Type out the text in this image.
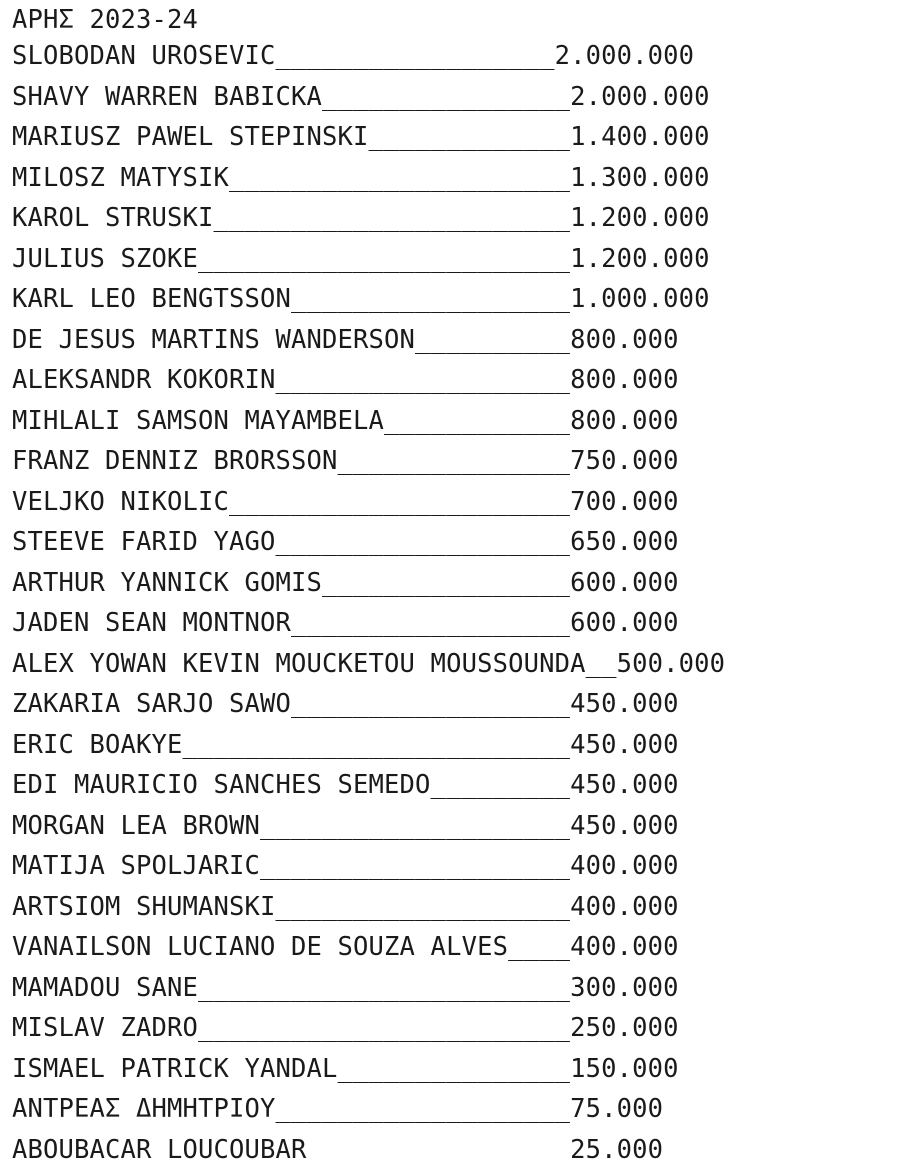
ΑΡΗΣ 2023-24
SLOBODAN UROSEVIC__________________2.000.000
SHAVY WARREN BABICKA________________2.000.000
MARIUSZ PAWEL STEPINSKI_____________1.400.000
MILOSZ MATYSIK______________________1.300.000
KAROL STRUSKI_______________________1.200.000
JULIUS SZOKE________________________1.200.000
KARL LEO BENGTSSON__________________1.000.000
DE JESUS MARTINS WANDERSON__________800.000
ALEKSANDR KOKORIN___________________800.000
MIHLALI SAMSON MAYAMBELA____________800.000
FRANZ DENNIZ BRORSSON_______________750.000
VELJKO NIKOLIC______________________700.000
STEEVE FARID YAGO___________________650.000
ARTHUR YANNICK GOMIS________________600.000
JADEN SEAN MONTNOR__________________600.000
ALEX YOWAN KEVIN MOUCKETOU MOUSSOUNDA__500.000
ZAKARIA SARJO SAWO__________________450.000
ERIC BOAKYE_________________________450.000
EDI MAURICIO SANCHES SEMEDO_________450.000
MORGAN LEA BROWN____________________450.000
MATIJA SPOLJARIC____________________400.000
ARTSIOM SHUMANSKI___________________400.000
VANAILSON LUCIANO DE SOUZA ALVES____400.000
MAMADOU SANE________________________300.000
MISLAV ZADRO________________________250.000
ISMAEL PATRICK YANDAL_______________150.000
ΑΝΤΡΕΑΣ ΔΗΜΗΤΡΙΟΥ___________________75.000
ABOUBACAR LOUCOUBAR                 25.000
